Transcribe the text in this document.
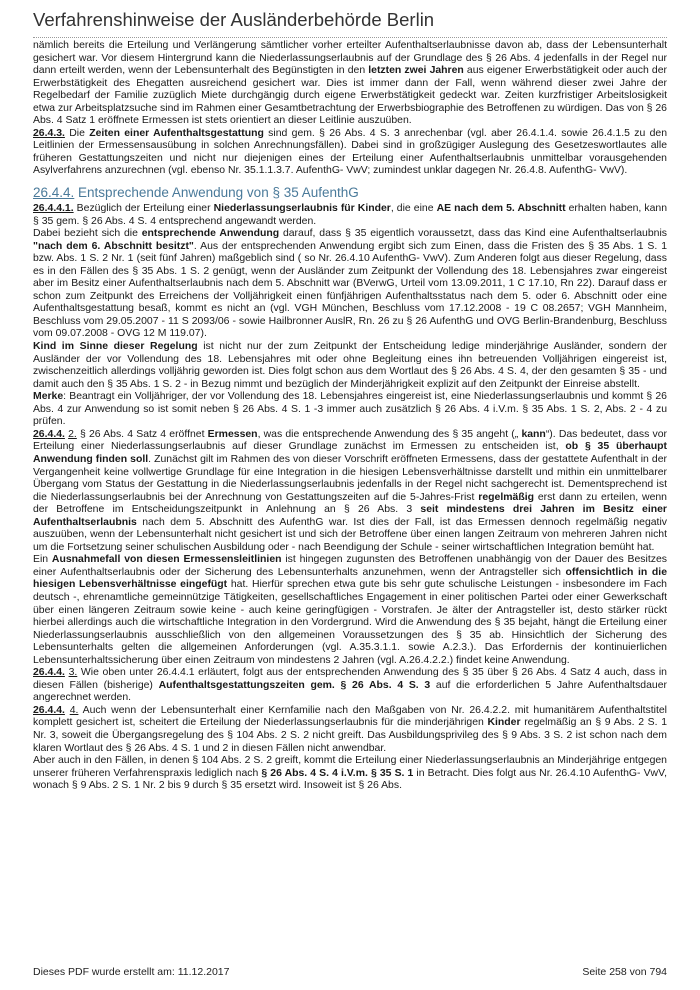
Verfahrenshinweise der Ausländerbehörde Berlin

nämlich bereits die Erteilung und Verlängerung sämtlicher vorher erteilter Aufenthaltserlaubnisse davon ab, dass der Lebensunterhalt gesichert war. Vor diesem Hintergrund kann die Niederlassungserlaubnis auf der Grundlage des § 26 Abs. 4 jedenfalls in der Regel nur dann erteilt werden, wenn der Lebensunterhalt des Begünstigten in den letzten zwei Jahren aus eigener Erwerbstätigkeit oder auch der Erwerbstätigkeit des Ehegatten ausreichend gesichert war. Dies ist immer dann der Fall, wenn während dieser zwei Jahre der Regelbedarf der Familie zuzüglich Miete durchgängig durch eigene Erwerbstätigkeit gedeckt war. Zeiten kurzfristiger Arbeitslosigkeit etwa zur Arbeitsplatzsuche sind im Rahmen einer Gesamtbetrachtung der Erwerbsbiographie des Betroffenen zu würdigen. Das von § 26 Abs. 4 Satz 1 eröffnete Ermessen ist stets orientiert an dieser Leitlinie auszuüben.

26.4.3. Die Zeiten einer Aufenthaltsgestattung sind gem. § 26 Abs. 4 S. 3 anrechenbar (vgl. aber 26.4.1.4. sowie 26.4.1.5 zu den Leitlinien der Ermessensausübung in solchen Anrechnungsfällen). Dabei sind in großzügiger Auslegung des Gesetzeswortlautes alle früheren Gestattungszeiten und nicht nur diejenigen eines der Erteilung einer Aufenthaltserlaubnis unmittelbar vorausgehenden Asylverfahrens anzurechnen (vgl. ebenso Nr. 35.1.1.3.7. AufenthG- VwV; zumindest unklar dagegen Nr. 26.4.8. AufenthG- VwV).

26.4.4. Entsprechende Anwendung von § 35 AufenthG

26.4.4.1. Bezüglich der Erteilung einer Niederlassungserlaubnis für Kinder, die eine AE nach dem 5. Abschnitt erhalten haben, kann § 35 gem. § 26 Abs. 4 S. 4 entsprechend angewandt werden.

Dabei bezieht sich die entsprechende Anwendung darauf, dass § 35 eigentlich voraussetzt, dass das Kind eine Aufenthaltserlaubnis "nach dem 6. Abschnitt besitzt". Aus der entsprechenden Anwendung ergibt sich zum Einen, dass die Fristen des § 35 Abs. 1 S. 1 bzw. Abs. 1 S. 2 Nr. 1 (seit fünf Jahren) maßgeblich sind ( so Nr. 26.4.10 AufenthG- VwV). Zum Anderen folgt aus dieser Regelung, dass es in den Fällen des § 35 Abs. 1 S. 2 genügt, wenn der Ausländer zum Zeitpunkt der Vollendung des 18. Lebensjahres zwar eingereist aber im Besitz einer Aufenthaltserlaubnis nach dem 5. Abschnitt war (BVerwG, Urteil vom 13.09.2011, 1 C 17.10, Rn 22). Darauf dass er schon zum Zeitpunkt des Erreichens der Volljährigkeit einen fünfjährigen Aufenthaltsstatus nach dem 5. oder 6. Abschnitt oder eine Aufenthaltsgestattung besaß, kommt es nicht an (vgl. VGH München, Beschluss vom 17.12.2008 - 19 C 08.2657; VGH Mannheim, Beschluss vom 29.05.2007 - 11 S 2093/06 - sowie Hailbronner AuslR, Rn. 26 zu § 26 AufenthG und OVG Berlin-Brandenburg, Beschluss vom 09.07.2008 - OVG 12 M 119.07).

Kind im Sinne dieser Regelung ist nicht nur der zum Zeitpunkt der Entscheidung ledige minderjährige Ausländer, sondern der Ausländer der vor Vollendung des 18. Lebensjahres mit oder ohne Begleitung eines ihn betreuenden Volljährigen eingereist ist, zwischenzeitlich allerdings volljährig geworden ist. Dies folgt schon aus dem Wortlaut des § 26 Abs. 4 S. 4, der den gesamten § 35 - und damit auch den § 35 Abs. 1 S. 2 - in Bezug nimmt und bezüglich der Minderjährigkeit explizit auf den Zeitpunkt der Einreise abstellt.

Merke: Beantragt ein Volljähriger, der vor Vollendung des 18. Lebensjahres eingereist ist, eine Niederlassungserlaubnis und kommt § 26 Abs. 4 zur Anwendung so ist somit neben § 26 Abs. 4 S. 1 -3 immer auch zusätzlich § 26 Abs. 4 i.V.m. § 35 Abs. 1 S. 2, Abs. 2 - 4 zu prüfen.

26.4.4. 2. § 26 Abs. 4 Satz 4 eröffnet Ermessen, was die entsprechende Anwendung des § 35 angeht („ kann“). Das bedeutet, dass vor Erteilung einer Niederlassungserlaubnis auf dieser Grundlage zunächst im Ermessen zu entscheiden ist, ob § 35 überhaupt Anwendung finden soll. Zunächst gilt im Rahmen des von dieser Vorschrift eröffneten Ermessens, dass der gestattete Aufenthalt in der Vergangenheit keine vollwertige Grundlage für eine Integration in die hiesigen Lebensverhältnisse darstellt und mithin ein unmittelbarer Übergang vom Status der Gestattung in die Niederlassungserlaubnis jedenfalls in der Regel nicht sachgerecht ist. Dementsprechend ist die Niederlassungserlaubnis bei der Anrechnung von Gestattungszeiten auf die 5-Jahres-Frist regelmäßig erst dann zu erteilen, wenn der Betroffene im Entscheidungszeitpunkt in Anlehnung an § 26 Abs. 3 seit mindestens drei Jahren im Besitz einer Aufenthaltserlaubnis nach dem 5. Abschnitt des AufenthG war. Ist dies der Fall, ist das Ermessen dennoch regelmäßig negativ auszuüben, wenn der Lebensunterhalt nicht gesichert ist und sich der Betroffene über einen langen Zeitraum von mehreren Jahren nicht um die Fortsetzung seiner schulischen Ausbildung oder - nach Beendigung der Schule - seiner wirtschaftlichen Integration bemüht hat.

Ein Ausnahmefall von diesen Ermessensleitlinien ist hingegen zugunsten des Betroffenen unabhängig von der Dauer des Besitzes einer Aufenthaltserlaubnis oder der Sicherung des Lebensunterhalts anzunehmen, wenn der Antragsteller sich offensichtlich in die hiesigen Lebensverhältnisse eingefügt hat. Hierfür sprechen etwa gute bis sehr gute schulische Leistungen - insbesondere im Fach deutsch -, ehrenamtliche gemeinnützige Tätigkeiten, gesellschaftliches Engagement in einer politischen Partei oder einer Gewerkschaft über einen längeren Zeitraum sowie keine - auch keine geringfügigen - Vorstrafen. Je älter der Antragsteller ist, desto stärker rückt hierbei allerdings auch die wirtschaftliche Integration in den Vordergrund. Wird die Anwendung des § 35 bejaht, hängt die Erteilung einer Niederlassungserlaubnis ausschließlich von den allgemeinen Voraussetzungen des § 35 ab. Hinsichtlich der Sicherung des Lebensunterhalts gelten die allgemeinen Anforderungen (vgl. A.35.3.1.1. sowie A.2.3.). Das Erfordernis der kontinuierlichen Lebensunterhaltssicherung über einen Zeitraum von mindestens 2 Jahren (vgl. A.26.4.2.2.) findet keine Anwendung.

26.4.4. 3. Wie oben unter 26.4.4.1 erläutert, folgt aus der entsprechenden Anwendung des § 35 über § 26 Abs. 4 Satz 4 auch, dass in diesen Fällen (bisherige) Aufenthaltsgestattungszeiten gem. § 26 Abs. 4 S. 3 auf die erforderlichen 5 Jahre Aufenthaltsdauer angerechnet werden.

26.4.4. 4. Auch wenn der Lebensunterhalt einer Kernfamilie nach den Maßgaben von Nr. 26.4.2.2. mit humanitärem Aufenthaltstitel komplett gesichert ist, scheitert die Erteilung der Niederlassungserlaubnis für die minderjährigen Kinder regelmäßig an § 9 Abs. 2 S. 1 Nr. 3, soweit die Übergangsregelung des § 104 Abs. 2 S. 2 nicht greift. Das Ausbildungsprivileg des § 9 Abs. 3 S. 2 ist schon nach dem klaren Wortlaut des § 26 Abs. 4 S. 1 und 2 in diesen Fällen nicht anwendbar.

Aber auch in den Fällen, in denen § 104 Abs. 2 S. 2 greift, kommt die Erteilung einer Niederlassungserlaubnis an Minderjährige entgegen unserer früheren Verfahrenspraxis lediglich nach § 26 Abs. 4 S. 4 i.V.m. § 35 S. 1 in Betracht. Dies folgt aus Nr. 26.4.10 AufenthG- VwV, wonach § 9 Abs. 2 S. 1 Nr. 2 bis 9 durch § 35 ersetzt wird. Insoweit ist § 26 Abs.

Dieses PDF wurde erstellt am: 11.12.2017	Seite 258 von 794
